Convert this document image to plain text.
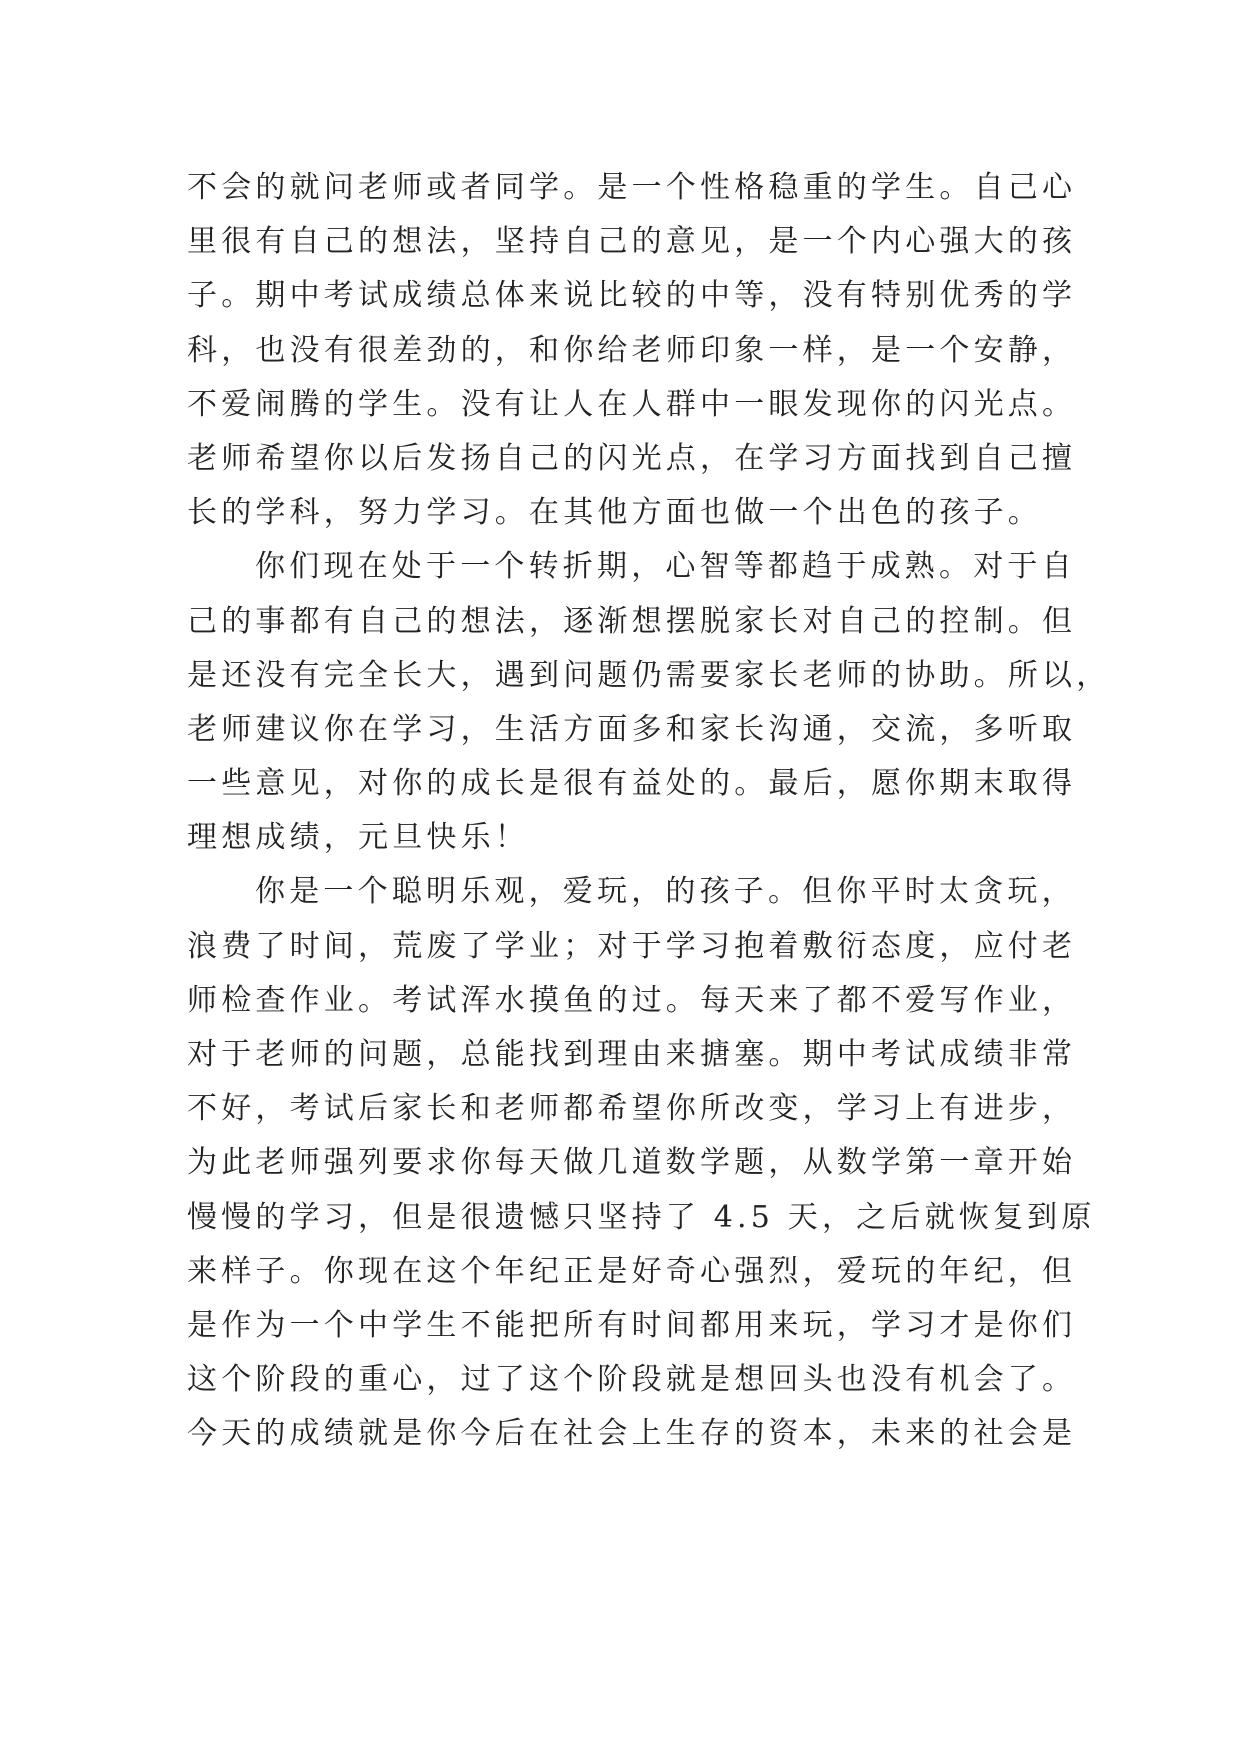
不会的就问老师或者同学。是一个性格稳重的学生。自己心
里很有自己的想法，坚持自己的意见，是一个内心强大的孩
子。期中考试成绩总体来说比较的中等，没有特别优秀的学
科，也没有很差劲的，和你给老师印象一样，是一个安静，
不爱闹腾的学生。没有让人在人群中一眼发现你的闪光点。
老师希望你以后发扬自己的闪光点，在学习方面找到自己擅
长的学科，努力学习。在其他方面也做一个出色的孩子。
你们现在处于一个转折期，心智等都趋于成熟。对于自
己的事都有自己的想法，逐渐想摆脱家长对自己的控制。但
是还没有完全长大，遇到问题仍需要家长老师的协助。所以，
老师建议你在学习，生活方面多和家长沟通，交流，多听取
一些意见，对你的成长是很有益处的。最后，愿你期末取得
理想成绩，元旦快乐！
你是一个聪明乐观，爱玩，的孩子。但你平时太贪玩，
浪费了时间，荒废了学业；对于学习抱着敷衍态度，应付老
师检查作业。考试浑水摸鱼的过。每天来了都不爱写作业，
对于老师的问题，总能找到理由来搪塞。期中考试成绩非常
不好，考试后家长和老师都希望你所改变，学习上有进步，
为此老师强列要求你每天做几道数学题，从数学第一章开始
慢慢的学习，但是很遗憾只坚持了 4.5 天，之后就恢复到原
来样子。你现在这个年纪正是好奇心强烈，爱玩的年纪，但
是作为一个中学生不能把所有时间都用来玩，学习才是你们
这个阶段的重心，过了这个阶段就是想回头也没有机会了。
今天的成绩就是你今后在社会上生存的资本，未来的社会是
